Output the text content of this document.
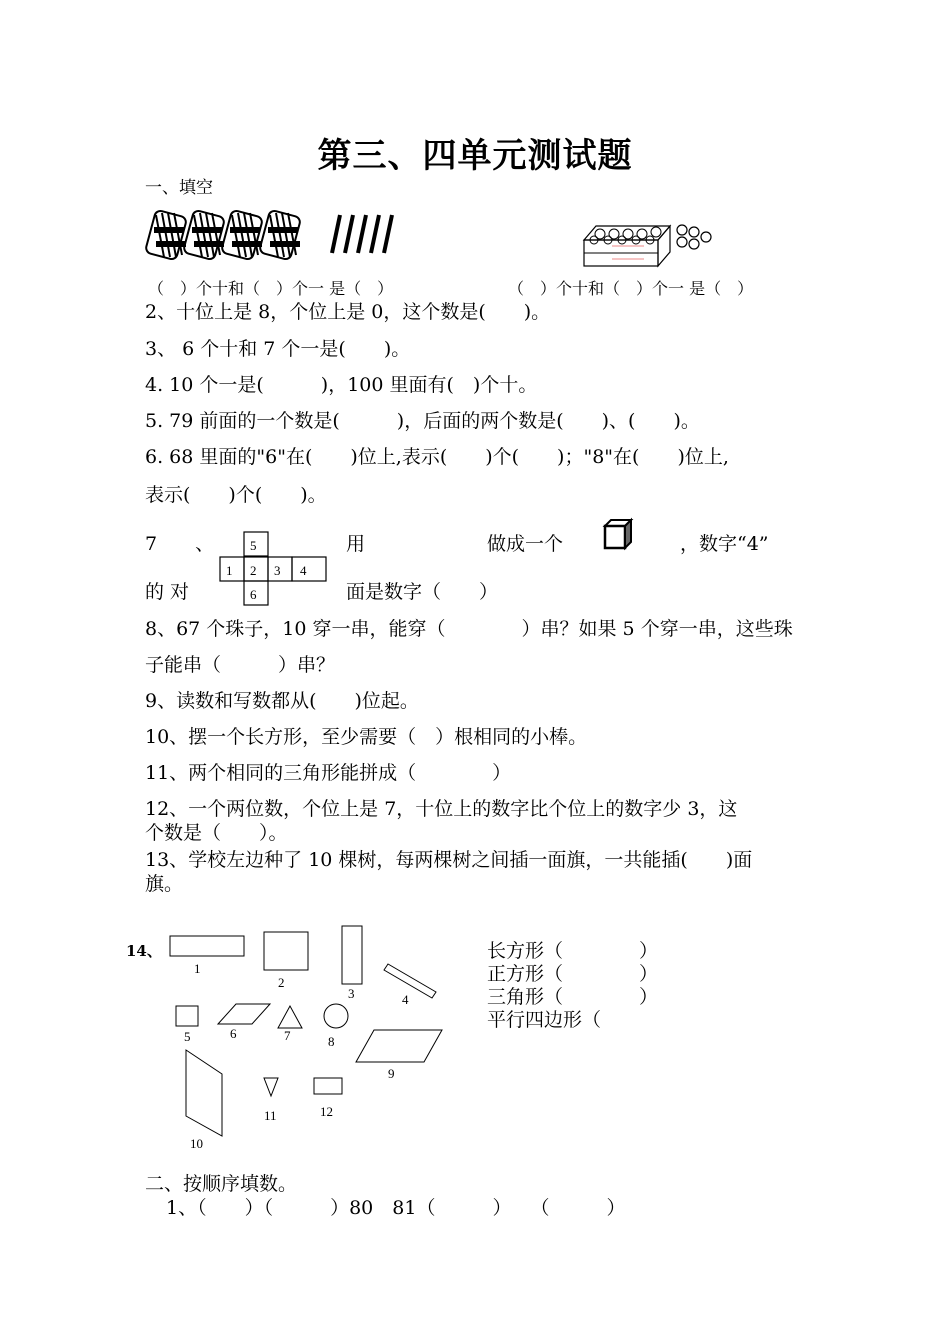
第三、四单元测试题
一、填空
（　）个十和（　）个一 是（　）	（　）个十和（　）个一 是（　）
2、十位上是 8，个位上是 0，这个数是(　　)。
3、 6 个十和 7 个一是(　　)。
4. 10 个一是(　　　)，100 里面有(　)个十。
5. 79 前面的一个数是(　　　)，后面的两个数是(　　)、(　　)。
6. 68 里面的"6"在(　　)位上,表示(　　)个(　　)；"8"在(　　)位上,
表示(　　)个(　　)。
7　　、	5
1 2 3 4
6
用	做成一个	，数字“4”
的 对	面是数字（　　）
8、67 个珠子，10 穿一串，能穿（　　　　）串？如果 5 个穿一串，这些珠
子能串（　　　）串？
9、读数和写数都从(　　)位起。
10、摆一个长方形，至少需要（　）根相同的小棒。
11、两个相同的三角形能拼成（　　　　）
12、一个两位数，个位上是 7，十位上的数字比个位上的数字少 3，这
个数是（　　）。
13、学校左边种了 10 棵树，每两棵树之间插一面旗，一共能插(　　)面
旗。
14、
1
2
3	4
5	6	7	8
9
10
11	12
长方形（　　　　）
正方形（　　　　）
三角形（　　　　）
平行四边形（
二、按顺序填数。
1、（　　）（　　　）80　81（　　　）　　（　　　）
